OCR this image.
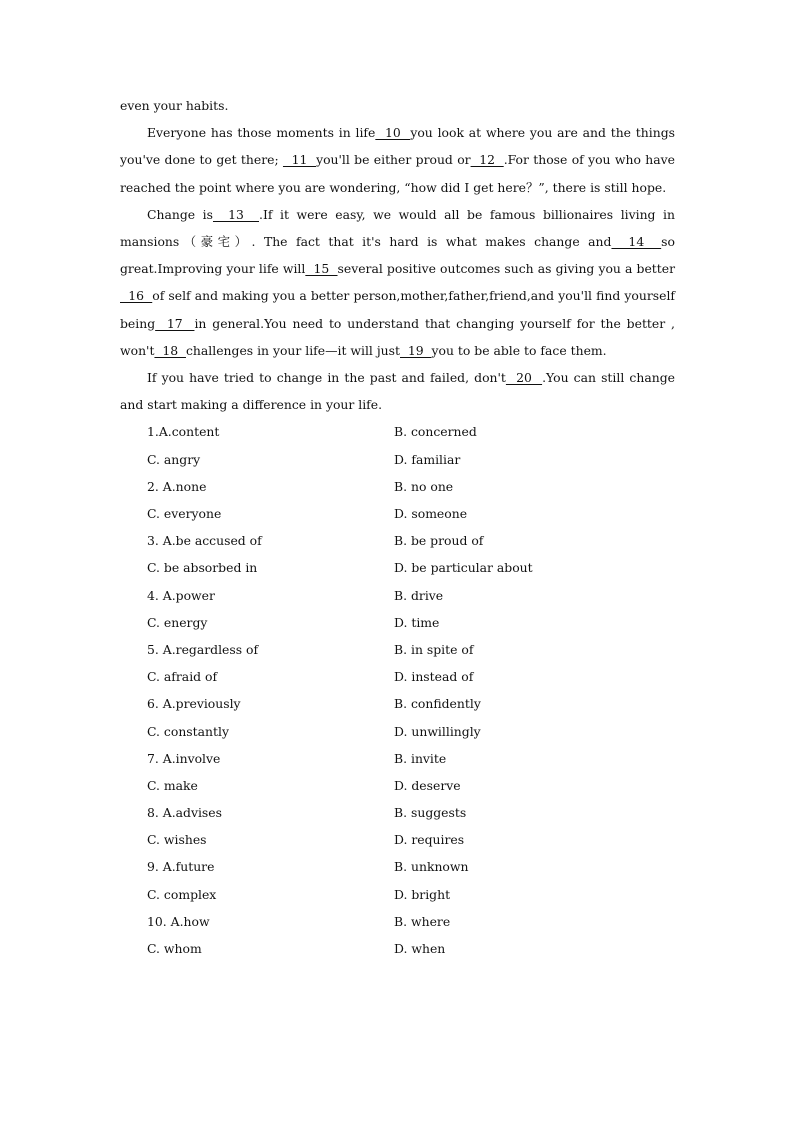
even your habits.

Everyone has those moments in life  10  you look at where you are and the things you've done to get there;   11  you'll be either proud or  12  .For those of you who have reached the point where you are wondering, “how did I get here？”, there is still hope.

Change is  13  .If it were easy, we would all be famous billionaires living in mansions（豪宅）. The fact that it's hard is what makes change and  14  so great.Improving your life will  15  several positive outcomes such as giving you a better  16  of self and making you a better person,mother,father,friend,and you'll find yourself being  17  in general.You need to understand that changing yourself for the better , won't  18  challenges in your life—it will just  19  you to be able to face them.

If you have tried to change in the past and failed, don't  20  .You can still change and start making a difference in your life.

1.A.content	B. concerned
C. angry	D. familiar
2. A.none	B. no one
C. everyone	D. someone
3. A.be accused of	B. be proud of
C. be absorbed in	D. be particular about
4. A.power	B. drive
C. energy	D. time
5. A.regardless of	B. in spite of
C. afraid of	D. instead of
6. A.previously	B. confidently
C. constantly	D. unwillingly
7. A.involve	B. invite
C. make	D. deserve
8. A.advises	B. suggests
C. wishes	D. requires
9. A.future	B. unknown
C. complex	D. bright
10. A.how	B. where
C. whom	D. when
